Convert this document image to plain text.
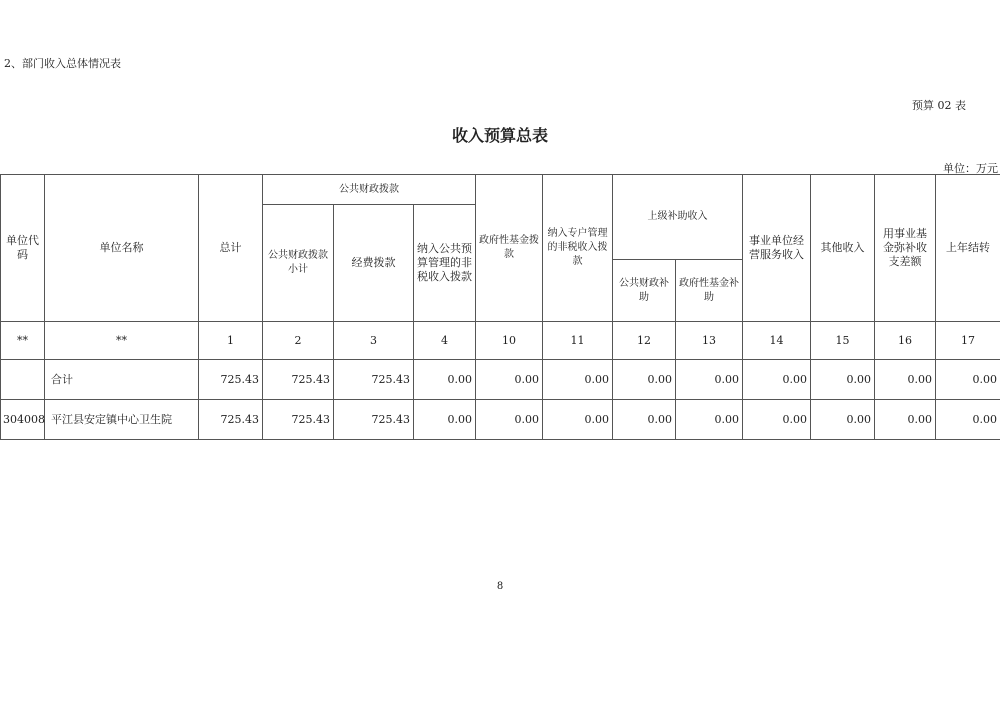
2、部门收入总体情况表
预算 02 表
收入预算总表
单位：万元
单位代码	单位名称	总计	公共财政拨款			政府性基金拨款	纳入专户管理的非税收入拨款	上级补助收入		事业单位经营服务收入	其他收入	用事业基金弥补收支差额	上年结转
			公共财政拨款小计	经费拨款	纳入公共预算管理的非税收入拨款								
								公共财政补助	政府性基金补助				
**	**	1	2	3	4	10	11	12	13	14	15	16	17
	合计	725.43	725.43	725.43	0.00	0.00	0.00	0.00	0.00	0.00	0.00	0.00	0.00
304008	平江县安定镇中心卫生院	725.43	725.43	725.43	0.00	0.00	0.00	0.00	0.00	0.00	0.00	0.00	0.00
8
